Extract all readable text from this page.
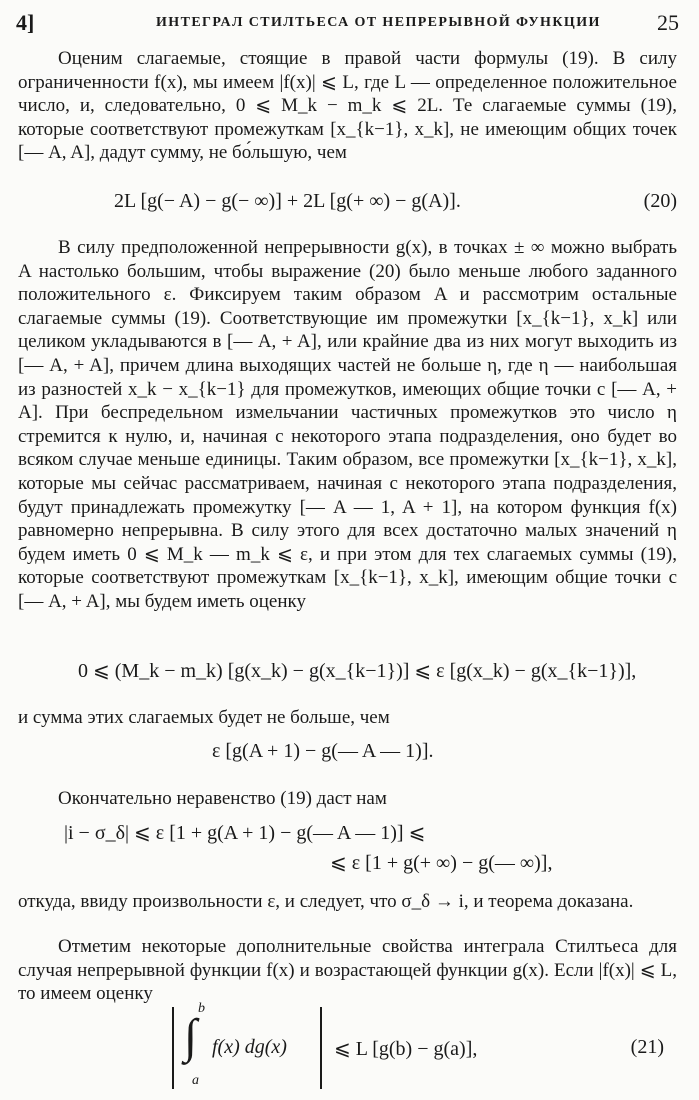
4]	ИНТЕГРАЛ СТИЛТЬЕСА ОТ НЕПРЕРЫВНОЙ ФУНКЦИИ	25

Оценим слагаемые, стоящие в правой части формулы (19). В силу ограниченности f(x), мы имеем |f(x)| ⩽ L, где L — определенное положительное число, и, следовательно, 0 ⩽ M_k − m_k ⩽ 2L. Те слагаемые суммы (19), которые соответствуют промежуткам [x_{k−1}, x_k], не имеющим общих точек [— A, A], дадут сумму, не бо́льшую, чем

2L [g(− A) − g(− ∞)] + 2L [g(+ ∞) − g(A)].	(20)

В силу предположенной непрерывности g(x), в точках ± ∞ можно выбрать A настолько большим, чтобы выражение (20) было меньше любого заданного положительного ε. Фиксируем таким образом A и рассмотрим остальные слагаемые суммы (19). Соответствующие им промежутки [x_{k−1}, x_k] или целиком укладываются в [— A, + A], или крайние два из них могут выходить из [— A, + A], причем длина выходящих частей не больше η, где η — наибольшая из разностей x_k − x_{k−1} для промежутков, имеющих общие точки с [— A, + A]. При беспредельном измельчании частичных промежутков это число η стремится к нулю, и, начиная с некоторого этапа подразделения, оно будет во всяком случае меньше единицы. Таким образом, все промежутки [x_{k−1}, x_k], которые мы сейчас рассматриваем, начиная с некоторого этапа подразделения, будут принадлежать промежутку [— A — 1, A + 1], на котором функция f(x) равномерно непрерывна. В силу этого для всех достаточно малых значений η будем иметь 0 ⩽ M_k — m_k ⩽ ε, и при этом для тех слагаемых суммы (19), которые соответствуют промежуткам [x_{k−1}, x_k], имеющим общие точки с [— A, + A], мы будем иметь оценку

0 ⩽ (M_k − m_k) [g(x_k) − g(x_{k−1})] ⩽ ε [g(x_k) − g(x_{k−1})],

и сумма этих слагаемых будет не больше, чем

ε [g(A + 1) − g(— A — 1)].

Окончательно неравенство (19) даст нам

|i − σ_δ| ⩽ ε [1 + g(A + 1) − g(— A — 1)] ⩽
⩽ ε [1 + g(+ ∞) − g(— ∞)],

откуда, ввиду произвольности ε, и следует, что σ_δ → i, и теорема доказана.

Отметим некоторые дополнительные свойства интеграла Стилтьеса для случая непрерывной функции f(x) и возрастающей функции g(x). Если |f(x)| ⩽ L, то имеем оценку

b
∫
a
f(x) dg(x) ⩽ L [g(b) − g(a)],	(21)
